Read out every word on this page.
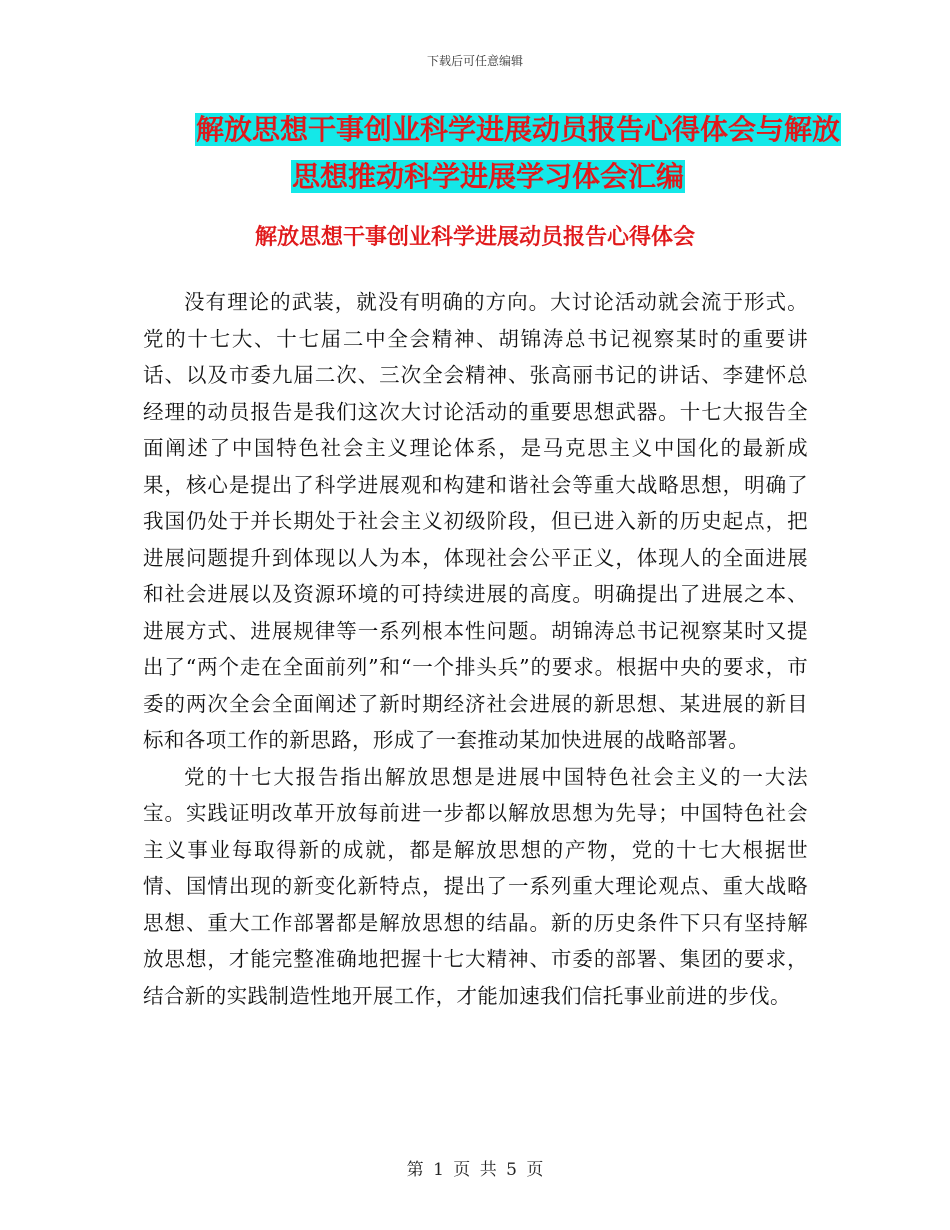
下载后可任意编辑
解放思想干事创业科学进展动员报告心得体会与解放
思想推动科学进展学习体会汇编
解放思想干事创业科学进展动员报告心得体会

没有理论的武装，就没有明确的方向。大讨论活动就会流于形式。党的十七大、十七届二中全会精神、胡锦涛总书记视察某时的重要讲话、以及市委九届二次、三次全会精神、张高丽书记的讲话、李建怀总经理的动员报告是我们这次大讨论活动的重要思想武器。十七大报告全面阐述了中国特色社会主义理论体系，是马克思主义中国化的最新成果，核心是提出了科学进展观和构建和谐社会等重大战略思想，明确了我国仍处于并长期处于社会主义初级阶段，但已进入新的历史起点，把进展问题提升到体现以人为本，体现社会公平正义，体现人的全面进展和社会进展以及资源环境的可持续进展的高度。明确提出了进展之本、进展方式、进展规律等一系列根本性问题。胡锦涛总书记视察某时又提出了“两个走在全面前列”和“一个排头兵”的要求。根据中央的要求，市委的两次全会全面阐述了新时期经济社会进展的新思想、某进展的新目标和各项工作的新思路，形成了一套推动某加快进展的战略部署。

党的十七大报告指出解放思想是进展中国特色社会主义的一大法宝。实践证明改革开放每前进一步都以解放思想为先导；中国特色社会主义事业每取得新的成就，都是解放思想的产物，党的十七大根据世情、国情出现的新变化新特点，提出了一系列重大理论观点、重大战略思想、重大工作部署都是解放思想的结晶。新的历史条件下只有坚持解放思想，才能完整准确地把握十七大精神、市委的部署、集团的要求，结合新的实践制造性地开展工作，才能加速我们信托事业前进的步伐。

第 1 页 共 5 页
